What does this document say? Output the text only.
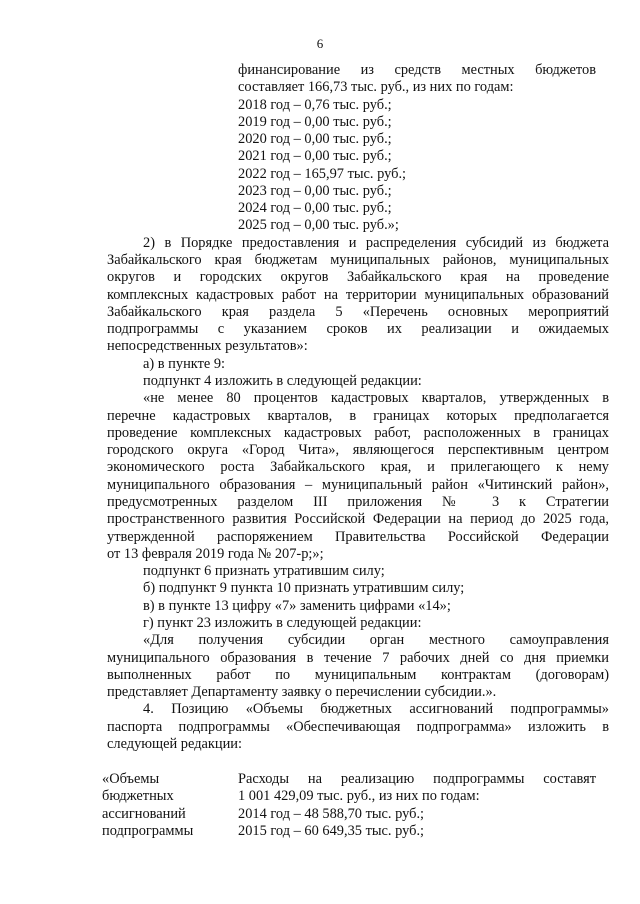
6
финансирование из средств местных бюджетов
составляет 166,73 тыс. руб., из них по годам:
2018 год – 0,76 тыс. руб.;
2019 год – 0,00 тыс. руб.;
2020 год – 0,00 тыс. руб.;
2021 год – 0,00 тыс. руб.;
2022 год – 165,97 тыс. руб.;
2023 год – 0,00 тыс. руб.;
2024 год – 0,00 тыс. руб.;
2025 год – 0,00 тыс. руб.»;
2) в Порядке предоставления и распределения субсидий из бюджета
Забайкальского края бюджетам муниципальных районов, муниципальных
округов и городских округов Забайкальского края на проведение
комплексных кадастровых работ на территории муниципальных образований
Забайкальского края раздела 5 «Перечень основных мероприятий
подпрограммы с указанием сроков их реализации и ожидаемых
непосредственных результатов»:
а) в пункте 9:
подпункт 4 изложить в следующей редакции:
«не менее 80 процентов кадастровых кварталов, утвержденных в
перечне кадастровых кварталов, в границах которых предполагается
проведение комплексных кадастровых работ, расположенных в границах
городского округа «Город Чита», являющегося перспективным центром
экономического роста Забайкальского края, и прилегающего к нему
муниципального образования – муниципальный район «Читинский район»,
предусмотренных разделом III приложения № 3 к Стратегии
пространственного развития Российской Федерации на период до 2025 года,
утвержденной распоряжением Правительства Российской Федерации
от 13 февраля 2019 года № 207-р;»;
подпункт 6 признать утратившим силу;
б) подпункт 9 пункта 10 признать утратившим силу;
в) в пункте 13 цифру «7» заменить цифрами «14»;
г) пункт 23 изложить в следующей редакции:
«Для получения субсидии орган местного самоуправления
муниципального образования в течение 7 рабочих дней со дня приемки
выполненных работ по муниципальным контрактам (договорам)
представляет Департаменту заявку о перечислении субсидии.».
4. Позицию «Объемы бюджетных ассигнований подпрограммы»
паспорта подпрограммы «Обеспечивающая подпрограмма» изложить в
следующей редакции:
«Объемы
бюджетных
ассигнований
подпрограммы
Расходы на реализацию подпрограммы составят
1 001 429,09 тыс. руб., из них по годам:
2014 год – 48 588,70 тыс. руб.;
2015 год – 60 649,35 тыс. руб.;
